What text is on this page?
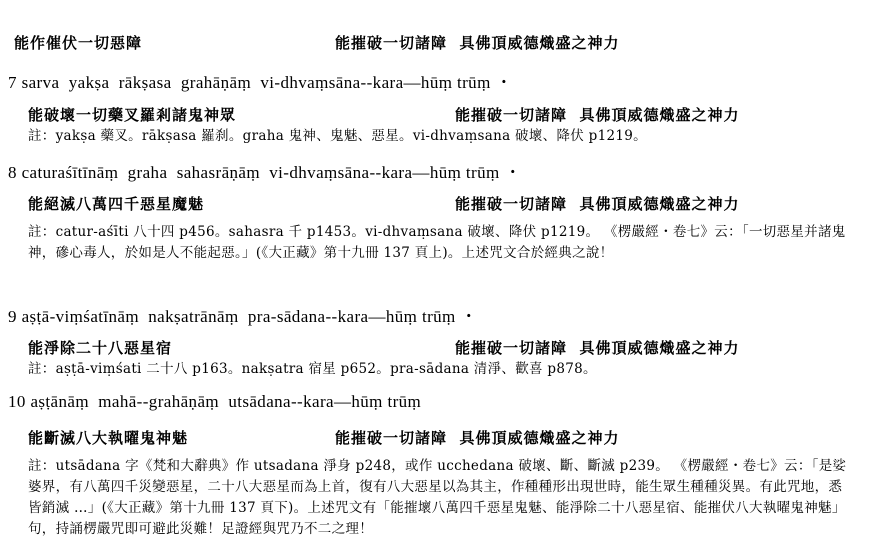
能作催伏一切惡障	能摧破一切諸障  具佛頂威德熾盛之神力
7 sarva  yakṣa  rākṣasa  grahāṇāṃ  vi-dhvaṃsāna--kara—hūṃ trūṃ ・
能破壞一切藥叉羅剎諸鬼神眾	能摧破一切諸障  具佛頂威德熾盛之神力
註：yakṣa 藥叉。rākṣasa 羅刹。graha 鬼神、鬼魅、惡星。vi-dhvaṃsana 破壞、降伏 p1219。
8 caturaśītīnāṃ  graha  sahasrāṇāṃ  vi-dhvaṃsāna--kara—hūṃ trūṃ ・
能絕滅八萬四千惡星魔魅	能摧破一切諸障  具佛頂威德熾盛之神力
註：catur-aśīti 八十四 p456。sahasra 千 p1453。vi-dhvaṃsana 破壞、降伏 p1219。 《楞嚴經・卷七》云：「一切惡星并諸鬼神，磣心毒人，於如是人不能起惡。」(《大正藏》第十九冊 137 頁上)。上述咒文合於經典之說！
9 aṣṭā-viṃśatīnāṃ  nakṣatrānāṃ  pra-sādana--kara—hūṃ trūṃ ・
能淨除二十八惡星宿	能摧破一切諸障  具佛頂威德熾盛之神力
註：aṣṭā-viṃśati 二十八 p163。nakṣatra 宿星 p652。pra-sādana 清淨、歡喜 p878。
10 aṣṭānāṃ  mahā--grahāṇāṃ  utsādana--kara—hūṃ trūṃ
能斷滅八大執曜鬼神魅	能摧破一切諸障  具佛頂威德熾盛之神力
註：utsādana 字《梵和大辭典》作 utsadana 淨身 p248，或作 ucchedana 破壞、斷、斷滅 p239。 《楞嚴經・卷七》云：「是娑婆界，有八萬四千災變惡星，二十八大惡星而為上首，復有八大惡星以為其主，作種種形出現世時，能生眾生種種災異。有此咒地，悉皆銷滅 …」(《大正藏》第十九冊 137 頁下)。上述咒文有「能摧壞八萬四千惡星鬼魅、能淨除二十八惡星宿、能摧伏八大執曜鬼神魅」句，持誦楞嚴咒即可避此災難！足證經與咒乃不二之理！
